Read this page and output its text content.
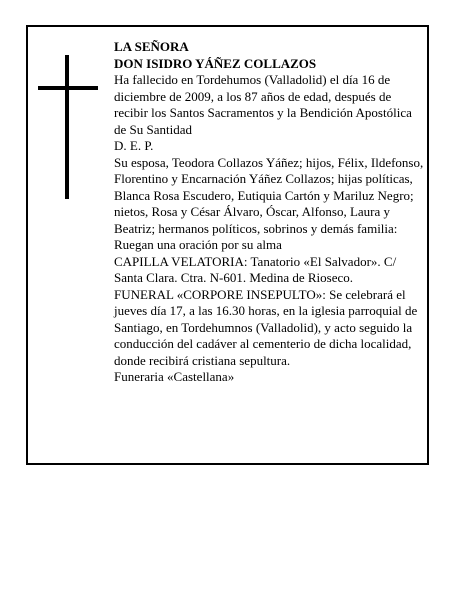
LA SEÑORA

DON ISIDRO YÁÑEZ COLLAZOS

Ha fallecido en Tordehumos (Valladolid) el día 16 de diciembre de 2009, a los 87 años de edad, después de recibir los Santos Sacramentos y la Bendición Apostólica de Su Santidad

D. E. P.

Su esposa, Teodora Collazos Yáñez; hijos, Félix, Ildefonso, Florentino y Encarnación Yáñez Collazos; hijas políticas, Blanca Rosa Escudero, Eutiquia Cartón y Mariluz Negro; nietos, Rosa y César Álvaro, Óscar, Alfonso, Laura y Beatriz; hermanos políticos, sobrinos y demás familia:

Ruegan una oración por su alma

CAPILLA VELATORIA: Tanatorio «El Salvador». C/ Santa Clara. Ctra. N-601. Medina de Rioseco.

FUNERAL «CORPORE INSEPULTO»: Se celebrará el jueves día 17, a las 16.30 horas, en la iglesia parroquial de Santiago, en Tordehumnos (Valladolid), y acto seguido la conducción del cadáver al cementerio de dicha localidad, donde recibirá cristiana sepultura.

Funeraria «Castellana»
